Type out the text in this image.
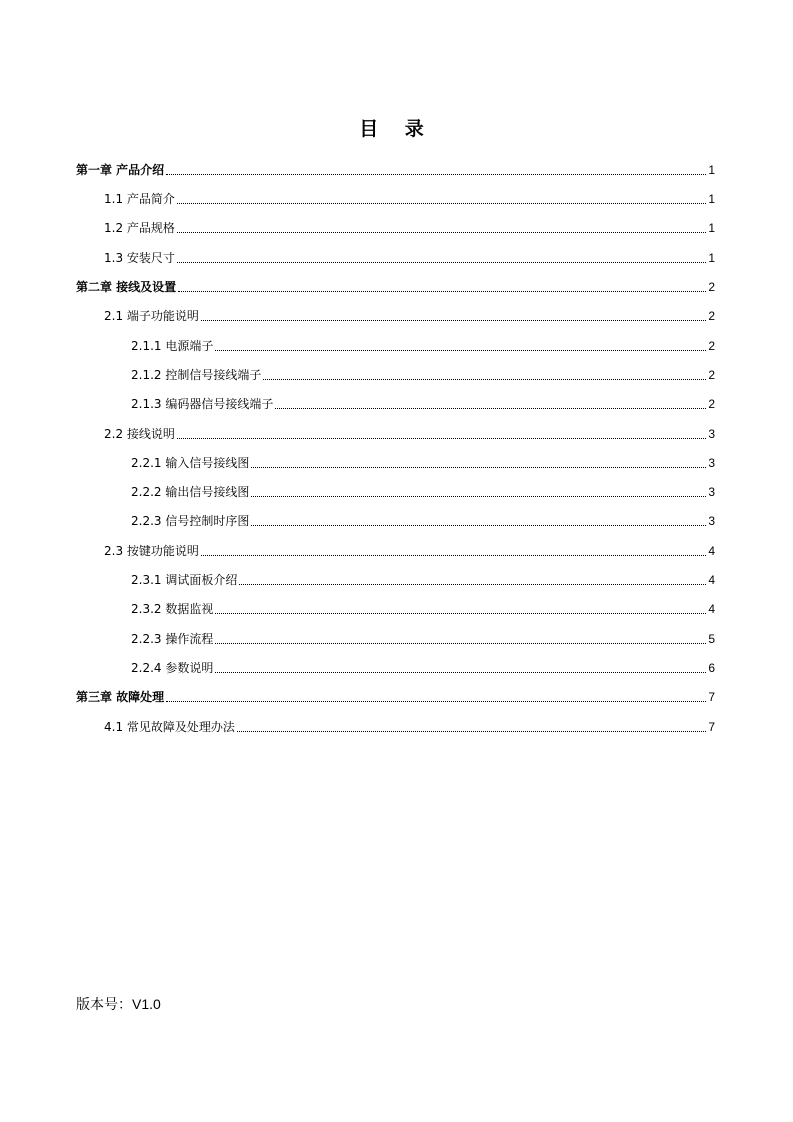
目 录
第一章 产品介绍	1
1.1 产品简介	1
1.2 产品规格	1
1.3 安装尺寸	1
第二章 接线及设置	2
2.1 端子功能说明	2
2.1.1 电源端子	2
2.1.2 控制信号接线端子	2
2.1.3 编码器信号接线端子	2
2.2 接线说明	3
2.2.1 输入信号接线图	3
2.2.2 输出信号接线图	3
2.2.3 信号控制时序图	3
2.3 按键功能说明	4
2.3.1 调试面板介绍	4
2.3.2 数据监视	4
2.2.3 操作流程	5
2.2.4 参数说明	6
第三章 故障处理	7
4.1 常见故障及处理办法	7
版本号：V1.0
